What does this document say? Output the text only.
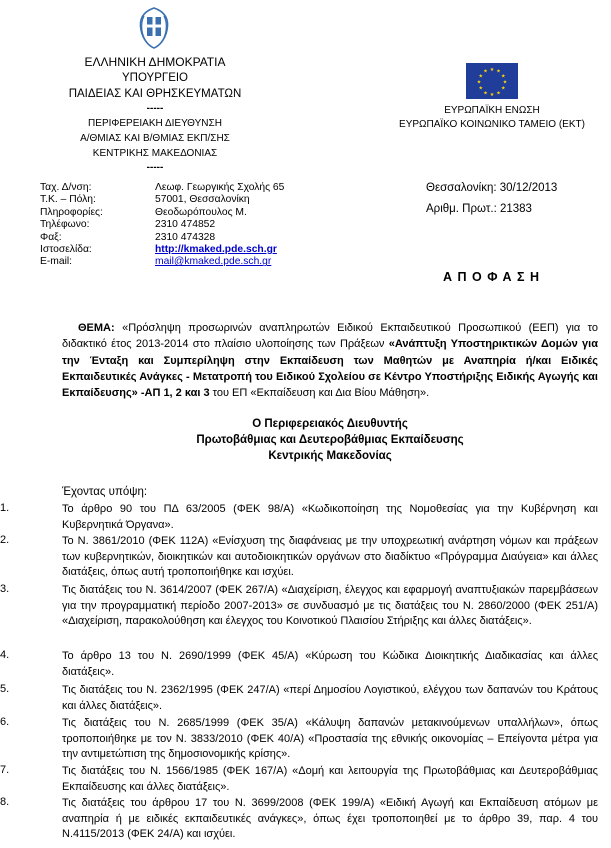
ΕΛΛΗΝΙΚΗ ΔΗΜΟΚΡΑΤΙΑ
ΥΠΟΥΡΓΕΙΟ
ΠΑΙΔΕΙΑΣ ΚΑΙ ΘΡΗΣΚΕΥΜΑΤΩΝ
-----
ΠΕΡΙΦΕΡΕΙΑΚΗ ΔΙΕΥΘΥΝΣΗ
Α/ΘΜΙΑΣ ΚΑΙ Β/ΘΜΙΑΣ ΕΚΠ/ΣΗΣ
ΚΕΝΤΡΙΚΗΣ ΜΑΚΕΔΟΝΙΑΣ
-----
★ ★
★
★
★
★
★
★
★
★
★
★
ΕΥΡΩΠΑΪΚΗ ΕΝΩΣΗ
ΕΥΡΩΠΑΪΚΟ ΚΟΙΝΩΝΙΚΟ ΤΑΜΕΙΟ (ΕΚΤ)
Ταχ. Δ/νση:	Λεωφ. Γεωργικής Σχολής 65
Τ.Κ. – Πόλη:	57001, Θεσσαλονίκη
Πληροφορίες:	Θεοδωρόπουλος Μ.
Τηλέφωνο:	2310 474852
Φαξ:	2310 474328
Ιστοσελίδα:	http://kmaked.pde.sch.gr
E-mail:	mail@kmaked.pde.sch.gr
Θεσσαλονίκη: 30/12/2013
Αριθμ. Πρωτ.: 21383
Α Π Ο Φ Α Σ Η
ΘΕΜΑ: «Πρόσληψη προσωρινών αναπληρωτών Ειδικού Εκπαιδευτικού Προσωπικού (ΕΕΠ) για το διδακτικό έτος 2013-2014 στο πλαίσιο υλοποίησης των Πράξεων «Ανάπτυξη Υποστηρικτικών Δομών για την Ένταξη και Συμπερίληψη στην Εκπαίδευση των Μαθητών με Αναπηρία ή/και Ειδικές Εκπαιδευτικές Ανάγκες - Μετατροπή του Ειδικού Σχολείου σε Κέντρο Υποστήριξης Ειδικής Αγωγής και Εκπαίδευσης» -ΑΠ 1, 2 και 3 του ΕΠ «Εκπαίδευση και Δια Βίου Μάθηση».
Ο Περιφερειακός Διευθυντής
Πρωτοβάθμιας και Δευτεροβάθμιας Εκπαίδευσης
Κεντρικής Μακεδονίας
Έχοντας υπόψη:
1.	Το άρθρο 90 του ΠΔ 63/2005 (ΦΕΚ 98/Α) «Κωδικοποίηση της Νομοθεσίας για την Κυβέρνηση και Κυβερνητικά Όργανα».
2.	Το Ν. 3861/2010 (ΦΕΚ 112Α) «Ενίσχυση της διαφάνειας με την υποχρεωτική ανάρτηση νόμων και πράξεων των κυβερνητικών, διοικητικών και αυτοδιοικητικών οργάνων στο διαδίκτυο «Πρόγραμμα Διαύγεια» και άλλες διατάξεις, όπως αυτή τροποποιήθηκε και ισχύει.
3.	Τις διατάξεις του Ν. 3614/2007 (ΦΕΚ 267/Α) «Διαχείριση, έλεγχος και εφαρμογή αναπτυξιακών παρεμβάσεων για την προγραμματική περίοδο 2007-2013» σε συνδυασμό με τις διατάξεις του Ν. 2860/2000 (ΦΕΚ 251/Α) «Διαχείριση, παρακολούθηση και έλεγχος του Κοινοτικού Πλαισίου Στήριξης και άλλες διατάξεις».
4.	Το άρθρο 13 του Ν. 2690/1999 (ΦΕΚ 45/Α) «Κύρωση του Κώδικα Διοικητικής Διαδικασίας και άλλες διατάξεις».
5.	Τις διατάξεις του Ν. 2362/1995 (ΦΕΚ 247/Α) «περί Δημοσίου Λογιστικού, ελέγχου των δαπανών του Κράτους και άλλες διατάξεις».
6.	Τις διατάξεις του Ν. 2685/1999 (ΦΕΚ 35/Α) «Κάλυψη δαπανών μετακινούμενων υπαλλήλων», όπως τροποποιήθηκε με τον Ν. 3833/2010 (ΦΕΚ 40/Α) «Προστασία της εθνικής οικονομίας – Επείγοντα μέτρα για την αντιμετώπιση της δημοσιονομικής κρίσης».
7.	Τις διατάξεις του Ν. 1566/1985 (ΦΕΚ 167/Α) «Δομή και λειτουργία της Πρωτοβάθμιας και Δευτεροβάθμιας Εκπαίδευσης και άλλες διατάξεις».
8.	Τις διατάξεις του άρθρου 17 του Ν. 3699/2008 (ΦΕΚ 199/Α) «Ειδική Αγωγή και Εκπαίδευση ατόμων με αναπηρία ή με ειδικές εκπαιδευτικές ανάγκες», όπως έχει τροποποιηθεί με το άρθρο 39, παρ. 4 του Ν.4115/2013 (ΦΕΚ 24/Α) και ισχύει.
